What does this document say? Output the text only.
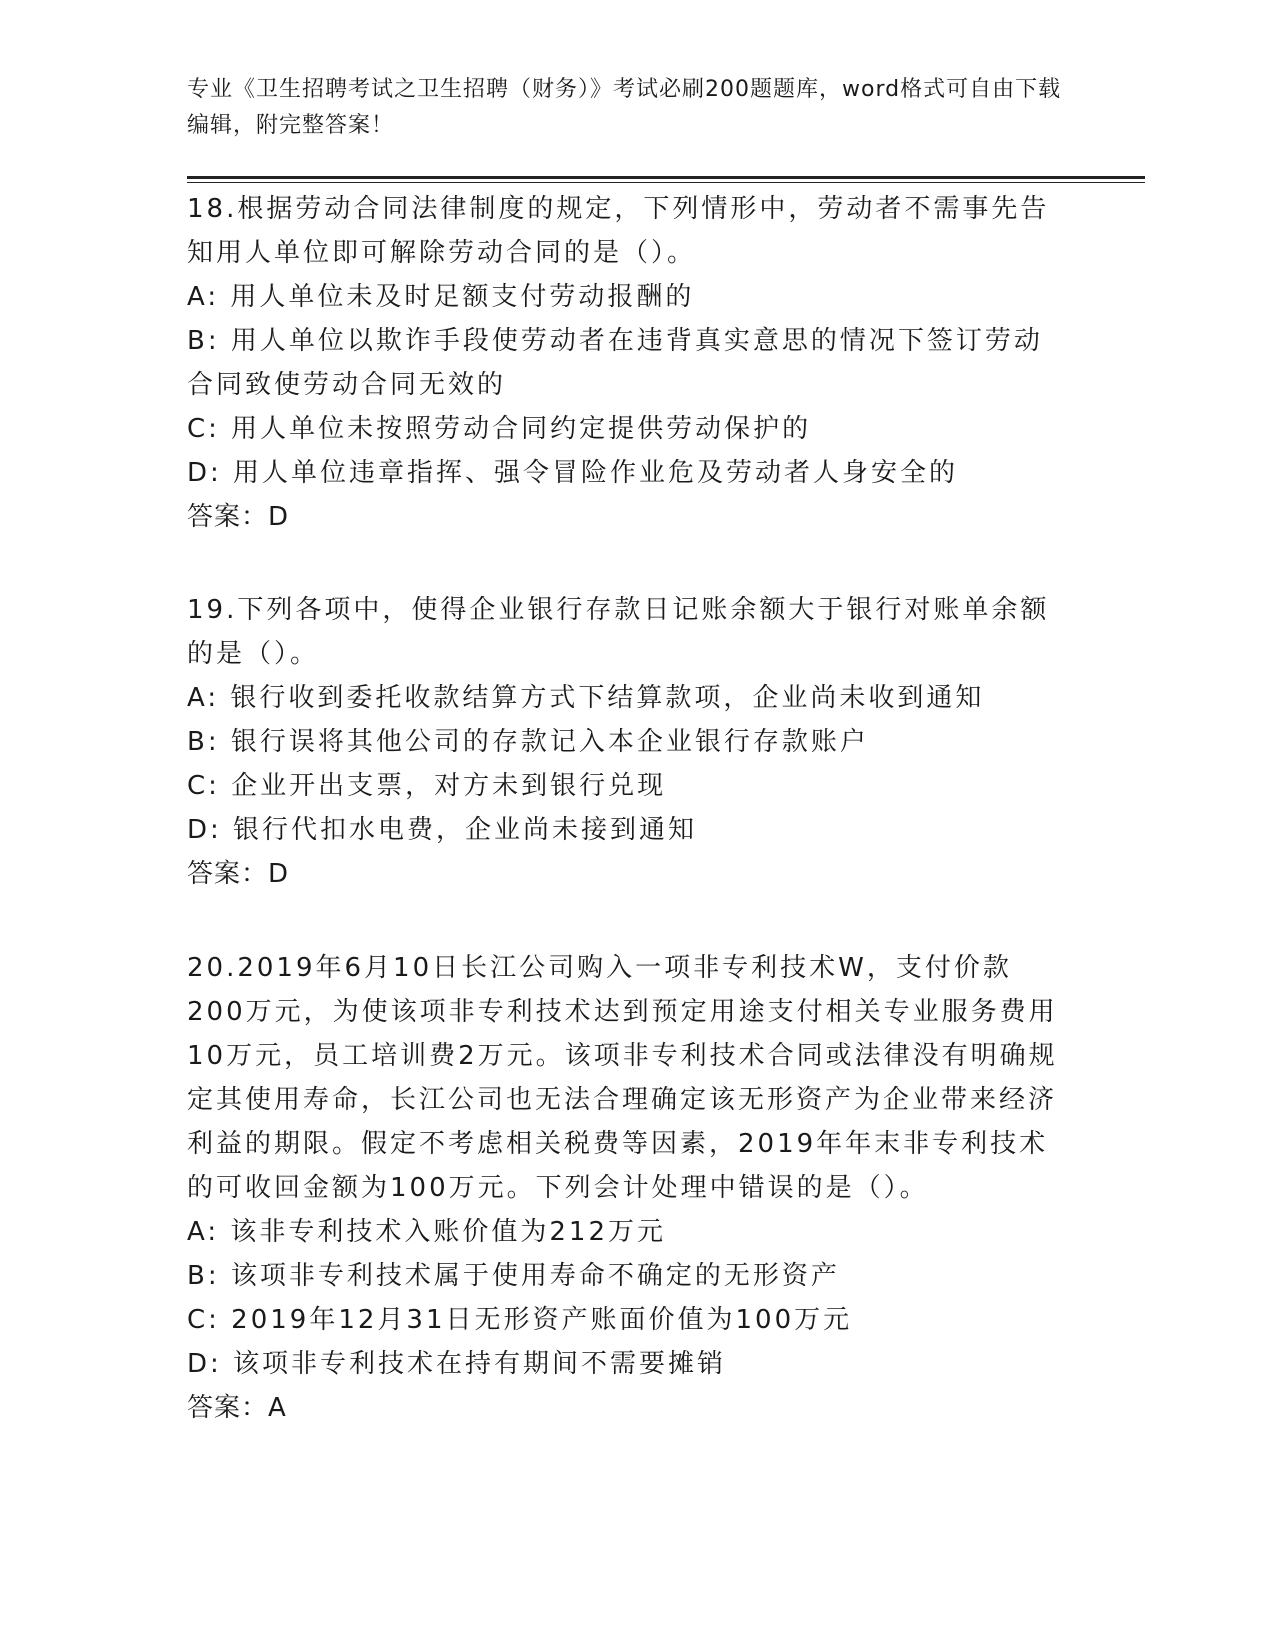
专业《卫生招聘考试之卫生招聘（财务）》考试必刷200题题库，word格式可自由下载编辑，附完整答案！

18.根据劳动合同法律制度的规定，下列情形中，劳动者不需事先告知用人单位即可解除劳动合同的是（）。

A: 用人单位未及时足额支付劳动报酬的

B: 用人单位以欺诈手段使劳动者在违背真实意思的情况下签订劳动合同致使劳动合同无效的

C: 用人单位未按照劳动合同约定提供劳动保护的

D: 用人单位违章指挥、强令冒险作业危及劳动者人身安全的

答案：D

19.下列各项中，使得企业银行存款日记账余额大于银行对账单余额的是（）。

A: 银行收到委托收款结算方式下结算款项，企业尚未收到通知

B: 银行误将其他公司的存款记入本企业银行存款账户

C: 企业开出支票，对方未到银行兑现

D: 银行代扣水电费，企业尚未接到通知

答案：D

20.2019年6月10日长江公司购入一项非专利技术W，支付价款200万元，为使该项非专利技术达到预定用途支付相关专业服务费用10万元，员工培训费2万元。该项非专利技术合同或法律没有明确规定其使用寿命，长江公司也无法合理确定该无形资产为企业带来经济利益的期限。假定不考虑相关税费等因素，2019年年末非专利技术的可收回金额为100万元。下列会计处理中错误的是（）。

A: 该非专利技术入账价值为212万元

B: 该项非专利技术属于使用寿命不确定的无形资产

C: 2019年12月31日无形资产账面价值为100万元

D: 该项非专利技术在持有期间不需要摊销

答案：A
